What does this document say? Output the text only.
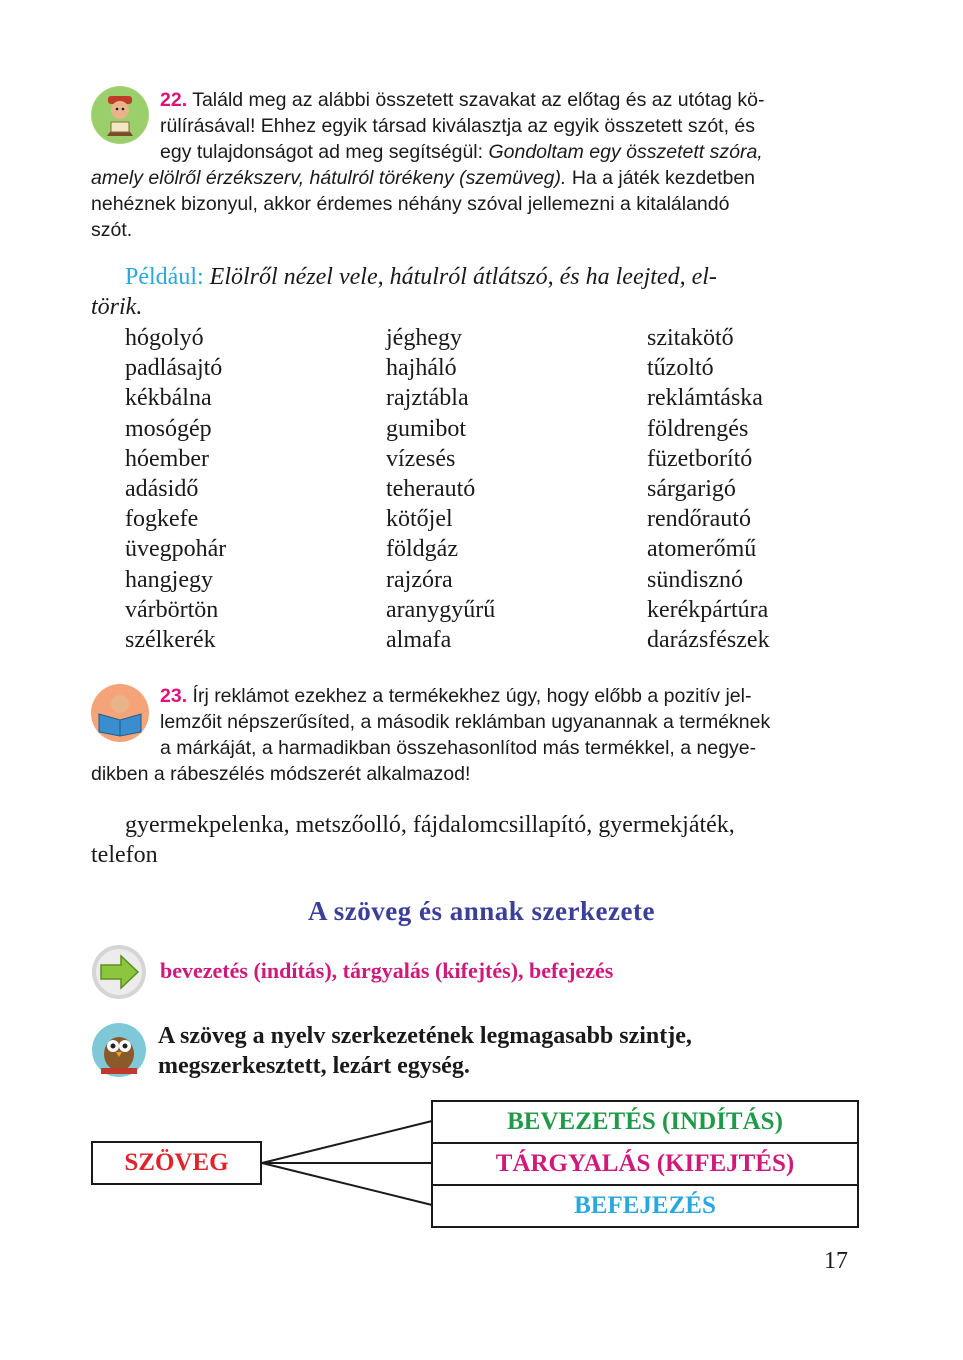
22. Találd meg az alábbi összetett szavakat az előtag és az utótag kö-
rülírásával! Ehhez egyik társad kiválasztja az egyik összetett szót, és
egy tulajdonságot ad meg segítségül: Gondoltam egy összetett szóra,
amely elölről érzékszerv, hátulról törékeny (szemüveg). Ha a játék kezdetben
nehéznek bizonyul, akkor érdemes néhány szóval jellemezni a kitalálandó
szót.
Például: Elölről nézel vele, hátulról átlátszó, és ha leejted, el-
törik.
hógolyó
padlásajtó
kékbálna
mosógép
hóember
adásidő
fogkefe
üvegpohár
hangjegy
várbörtön
szélkerék
jéghegy
hajháló
rajztábla
gumibot
vízesés
teherautó
kötőjel
földgáz
rajzóra
aranygyűrű
almafa
szitakötő
tűzoltó
reklámtáska
földrengés
füzetborító
sárgarigó
rendőrautó
atomerőmű
sündisznó
kerékpártúra
darázsfészek
23. Írj reklámot ezekhez a termékekhez úgy, hogy előbb a pozitív jel-
lemzőit népszerűsíted, a második reklámban ugyanannak a terméknek
a márkáját, a harmadikban összehasonlítod más termékkel, a negye-
dikben a rábeszélés módszerét alkalmazod!
gyermekpelenka, metszőolló, fájdalomcsillapító, gyermekjáték,
telefon
A szöveg és annak szerkezete
bevezetés (indítás), tárgyalás (kifejtés), befejezés
A szöveg a nyelv szerkezetének legmagasabb szintje,
megszerkesztett, lezárt egység.
SZÖVEG
BEVEZETÉS (INDÍTÁS)
TÁRGYALÁS (KIFEJTÉS)
BEFEJEZÉS
17
